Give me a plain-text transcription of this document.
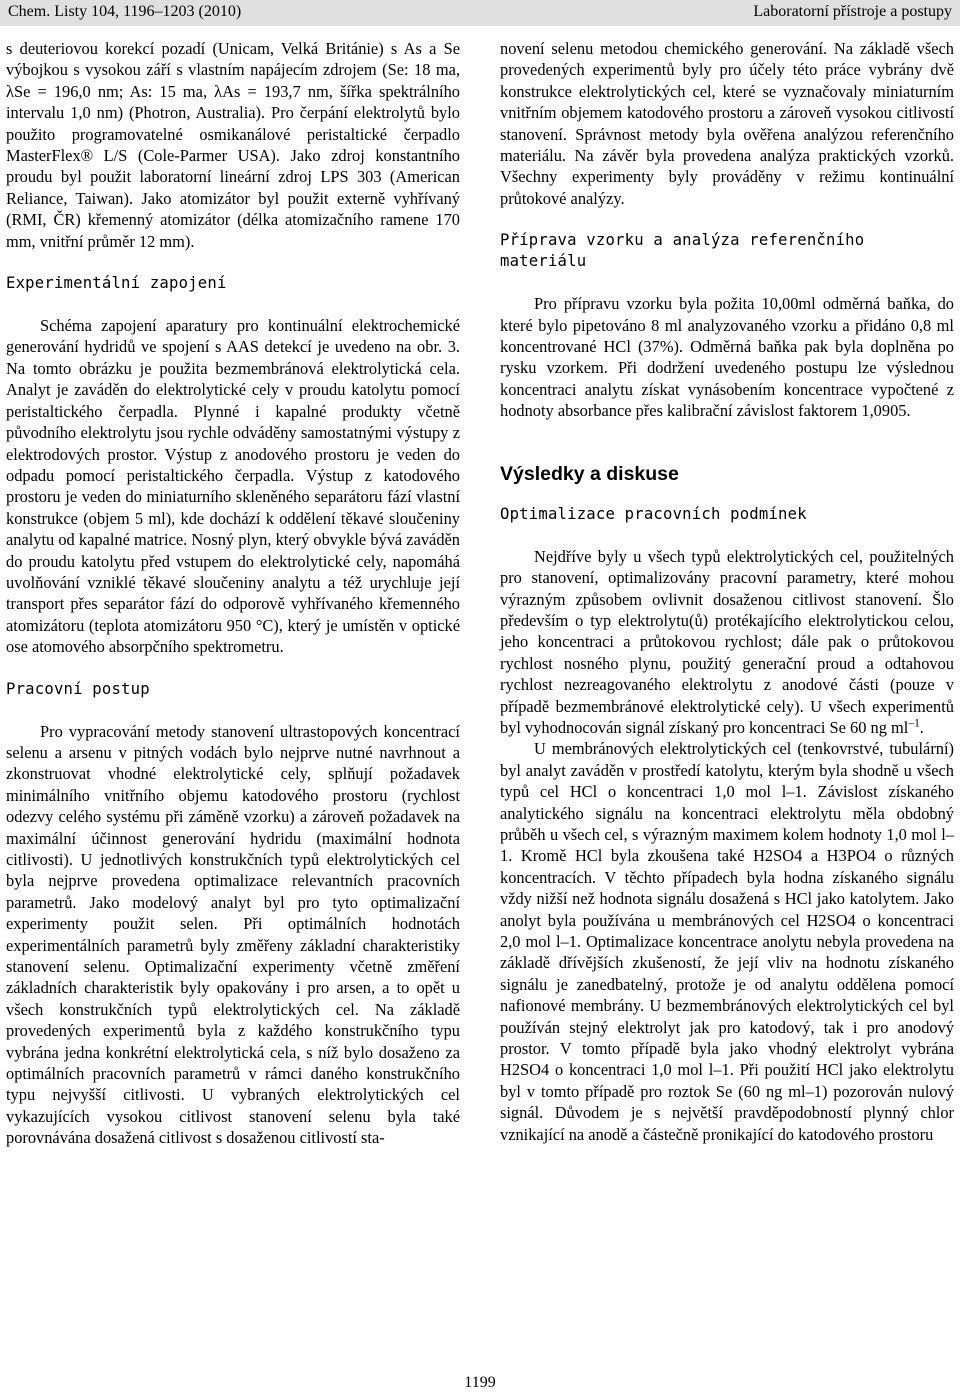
Chem. Listy 104, 1196–1203 (2010)	Laboratorní přístroje a postupy

s deuteriovou korekcí pozadí (Unicam, Velká Británie) s As a Se výbojkou s vysokou září s vlastním napájecím zdrojem (Se: 18 ma, λSe = 196,0 nm; As: 15 ma, λAs = 193,7 nm, šířka spektrálního intervalu 1,0 nm) (Photron, Australia). Pro čerpání elektrolytů bylo použito programovatelné osmikanálové peristaltické čerpadlo MasterFlex® L/S (Cole-Parmer USA). Jako zdroj konstantního proudu byl použit laboratorní lineární zdroj LPS 303 (American Reliance, Taiwan). Jako atomizátor byl použit externě vyhřívaný (RMI, ČR) křemenný atomizátor (délka atomizačního ramene 170 mm, vnitřní průměr 12 mm).

Experimentální zapojení

Schéma zapojení aparatury pro kontinuální elektrochemické generování hydridů ve spojení s AAS detekcí je uvedeno na obr. 3. Na tomto obrázku je použita bezmembránová elektrolytická cela. Analyt je zaváděn do elektrolytické cely v proudu katolytu pomocí peristaltického čerpadla. Plynné i kapalné produkty včetně původního elektrolytu jsou rychle odváděny samostatnými výstupy z elektrodových prostor. Výstup z anodového prostoru je veden do odpadu pomocí peristaltického čerpadla. Výstup z katodového prostoru je veden do miniaturního skleněného separátoru fází vlastní konstrukce (objem 5 ml), kde dochází k oddělení těkavé sloučeniny analytu od kapalné matrice. Nosný plyn, který obvykle bývá zaváděn do proudu katolytu před vstupem do elektrolytické cely, napomáhá uvolňování vzniklé těkavé sloučeniny analytu a též urychluje její transport přes separátor fází do odporově vyhřívaného křemenného atomizátoru (teplota atomizátoru 950 °C), který je umístěn v optické ose atomového absorpčního spektrometru.

Pracovní postup

Pro vypracování metody stanovení ultrastopových koncentrací selenu a arsenu v pitných vodách bylo nejprve nutné navrhnout a zkonstruovat vhodné elektrolytické cely, splňují požadavek minimálního vnitřního objemu katodového prostoru (rychlost odezvy celého systému při záměně vzorku) a zároveň požadavek na maximální účinnost generování hydridu (maximální hodnota citlivosti). U jednotlivých konstrukčních typů elektrolytických cel byla nejprve provedena optimalizace relevantních pracovních parametrů. Jako modelový analyt byl pro tyto optimalizační experimenty použit selen. Při optimálních hodnotách experimentálních parametrů byly změřeny základní charakteristiky stanovení selenu. Optimalizační experimenty včetně změření základních charakteristik byly opakovány i pro arsen, a to opět u všech konstrukčních typů elektrolytických cel. Na základě provedených experimentů byla z každého konstrukčního typu vybrána jedna konkrétní elektrolytická cela, s níž bylo dosaženo za optimálních pracovních parametrů v rámci daného konstrukčního typu nejvyšší citlivosti. U vybraných elektrolytických cel vykazujících vysokou citlivost stanovení selenu byla také porovnávána dosažená citlivost s dosaženou citlivostí sta-

novení selenu metodou chemického generování. Na základě všech provedených experimentů byly pro účely této práce vybrány dvě konstrukce elektrolytických cel, které se vyznačovaly miniaturním vnitřním objemem katodového prostoru a zároveň vysokou citlivostí stanovení. Správnost metody byla ověřena analýzou referenčního materiálu. Na závěr byla provedena analýza praktických vzorků. Všechny experimenty byly prováděny v režimu kontinuální průtokové analýzy.

Příprava vzorku a analýza referenčního materiálu

Pro přípravu vzorku byla požita 10,00ml odměrná baňka, do které bylo pipetováno 8 ml analyzovaného vzorku a přidáno 0,8 ml koncentrované HCl (37%). Odměrná baňka pak byla doplněna po rysku vzorkem. Při dodržení uvedeného postupu lze výslednou koncentraci analytu získat vynásobením koncentrace vypočtené z hodnoty absorbance přes kalibrační závislost faktorem 1,0905.

Výsledky a diskuse
Optimalizace pracovních podmínek

Nejdříve byly u všech typů elektrolytických cel, použitelných pro stanovení, optimalizovány pracovní parametry, které mohou výrazným způsobem ovlivnit dosaženou citlivost stanovení. Šlo především o typ elektrolytu(ů) protékajícího elektrolytickou celou, jeho koncentraci a průtokovou rychlost; dále pak o průtokovou rychlost nosného plynu, použitý generační proud a odtahovou rychlost nezreagovaného elektrolytu z anodové části (pouze v případě bezmembránové elektrolytické cely). U všech experimentů byl vyhodnocován signál získaný pro koncentraci Se 60 ng $ml^{-1}$.

U membránových elektrolytických cel (tenkovrstvé, tubulární) byl analyt zaváděn v prostředí katolytu, kterým byla shodně u všech typů cel HCl o koncentraci 1,0 mol l–1. Závislost získaného analytického signálu na koncentraci elektrolytu měla obdobný průběh u všech cel, s výrazným maximem kolem hodnoty 1,0 mol l–1. Kromě HCl byla zkoušena také H2SO4 a H3PO4 o různých koncentracích. V těchto případech byla hodna získaného signálu vždy nižší než hodnota signálu dosažená s HCl jako katolytem. Jako anolyt byla používána u membránových cel H2SO4 o koncentraci 2,0 mol l–1. Optimalizace koncentrace anolytu nebyla provedena na základě dřívějších zkušeností, že její vliv na hodnotu získaného signálu je zanedbatelný, protože je od analytu oddělena pomocí nafionové membrány. U bezmembránových elektrolytických cel byl používán stejný elektrolyt jak pro katodový, tak i pro anodový prostor. V tomto případě byla jako vhodný elektrolyt vybrána H2SO4 o koncentraci 1,0 mol l–1. Při použití HCl jako elektrolytu byl v tomto případě pro roztok Se (60 ng ml–1) pozorován nulový signál. Důvodem je s největší pravděpodobností plynný chlor vznikající na anodě a částečně pronikající do katodového prostoru

1199
